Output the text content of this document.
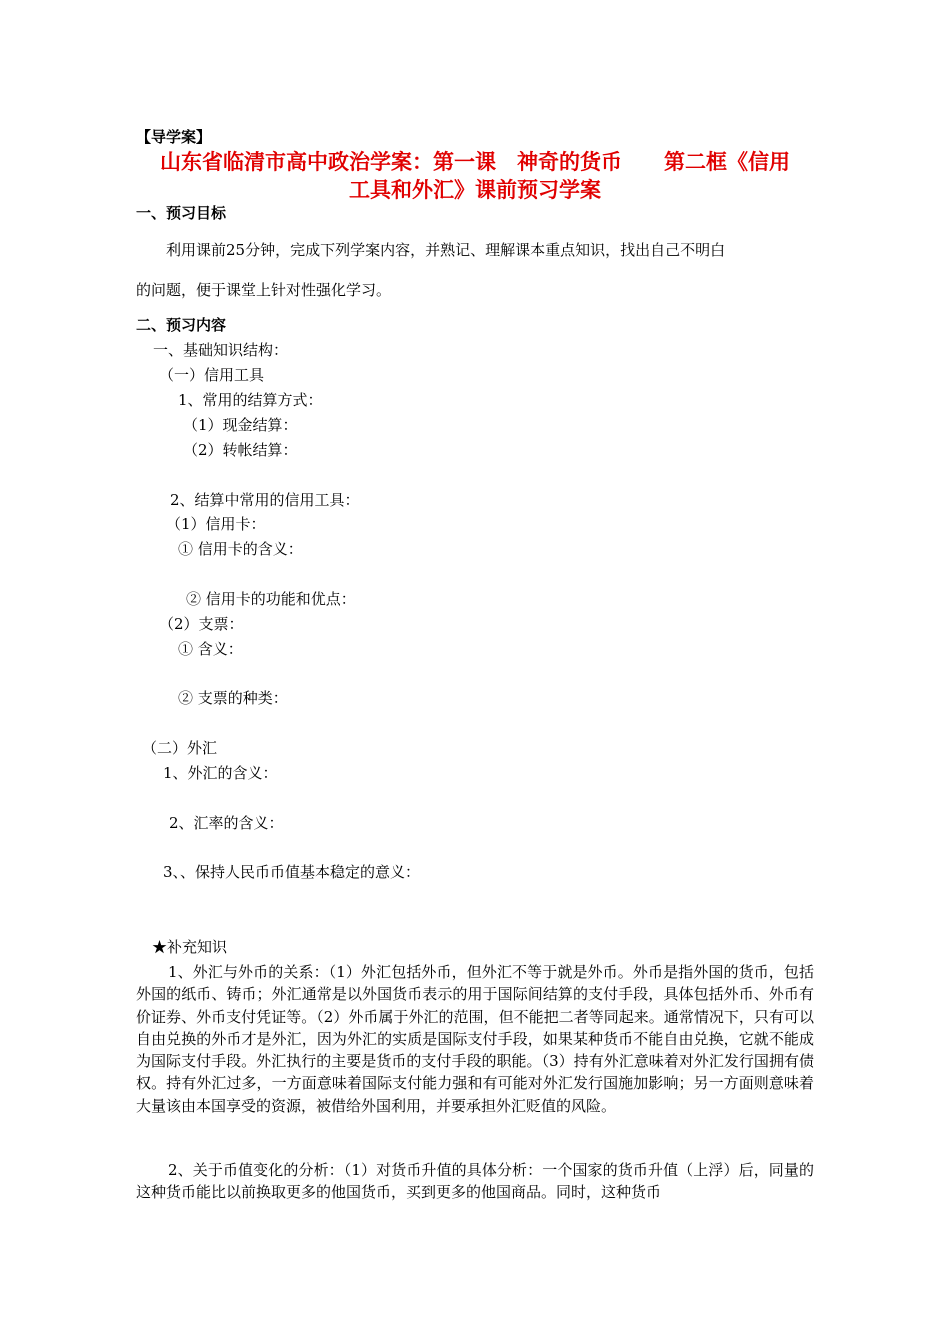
【导学案】
山东省临清市高中政治学案：第一课　神奇的货币　　第二框《信用
工具和外汇》课前预习学案
一、预习目标
利用课前25分钟，完成下列学案内容，并熟记、理解课本重点知识，找出自己不明白
的问题，便于课堂上针对性强化学习。
二、预习内容
一、基础知识结构：
（一）信用工具
1、常用的结算方式：
（1）现金结算：
（2）转帐结算：
2、结算中常用的信用工具：
（1）信用卡：
① 信用卡的含义：
② 信用卡的功能和优点：
（2）支票：
① 含义：
② 支票的种类：
（二）外汇
1、外汇的含义：
2、汇率的含义：
3、、保持人民币币值基本稳定的意义：
★补充知识

1、外汇与外币的关系：（1）外汇包括外币，但外汇不等于就是外币。外币是指外国的货币，包括外国的纸币、铸币；外汇通常是以外国货币表示的用于国际间结算的支付手段，具体包括外币、外币有价证券、外币支付凭证等。（2）外币属于外汇的范围，但不能把二者等同起来。通常情况下，只有可以自由兑换的外币才是外汇，因为外汇的实质是国际支付手段，如果某种货币不能自由兑换，它就不能成为国际支付手段。外汇执行的主要是货币的支付手段的职能。（3）持有外汇意味着对外汇发行国拥有债权。持有外汇过多，一方面意味着国际支付能力强和有可能对外汇发行国施加影响；另一方面则意味着大量该由本国享受的资源，被借给外国利用，并要承担外汇贬值的风险。

2、关于币值变化的分析：（1）对货币升值的具体分析：一个国家的货币升值（上浮）后，同量的这种货币能比以前换取更多的他国货币，买到更多的他国商品。同时，这种货币
